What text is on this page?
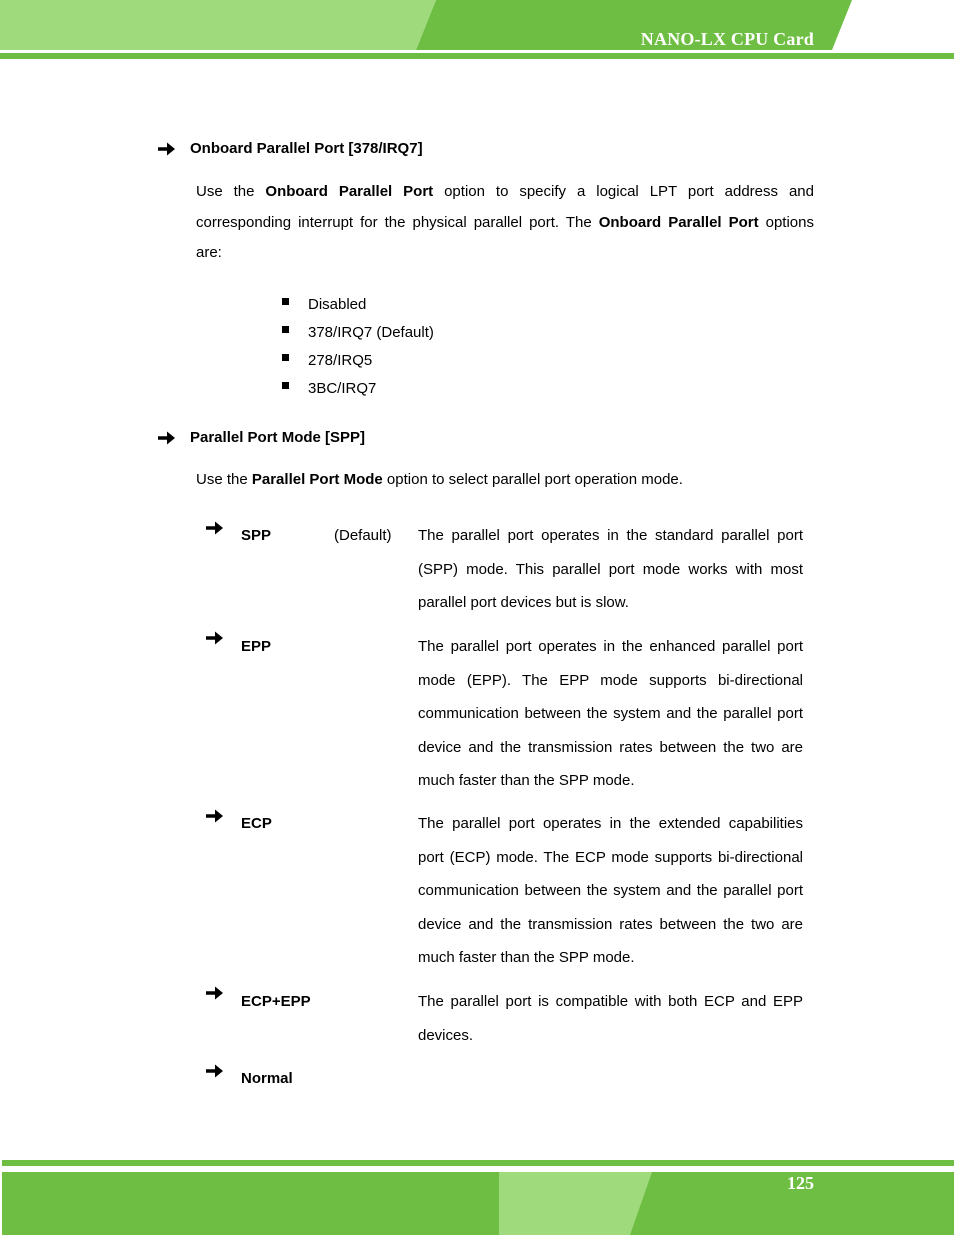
NANO-LX CPU Card
Onboard Parallel Port [378/IRQ7]
Use the Onboard Parallel Port option to specify a logical LPT port address and
corresponding interrupt for the physical parallel port. The Onboard Parallel Port options
are:
Disabled
378/IRQ7 (Default)
278/IRQ5
3BC/IRQ7
Parallel Port Mode [SPP]
Use the Parallel Port Mode option to select parallel port operation mode.
SPP	(Default) The parallel port operates in the standard parallel port
(SPP) mode. This parallel port mode works with most
parallel port devices but is slow.
EPP	The parallel port operates in the enhanced parallel port
mode (EPP). The EPP mode supports bi-directional
communication between the system and the parallel port
device and the transmission rates between the two are
much faster than the SPP mode.
ECP	The parallel port operates in the extended capabilities
port (ECP) mode. The ECP mode supports bi-directional
communication between the system and the parallel port
device and the transmission rates between the two are
much faster than the SPP mode.
ECP+EPP	The parallel port is compatible with both ECP and EPP
devices.
Normal
125
